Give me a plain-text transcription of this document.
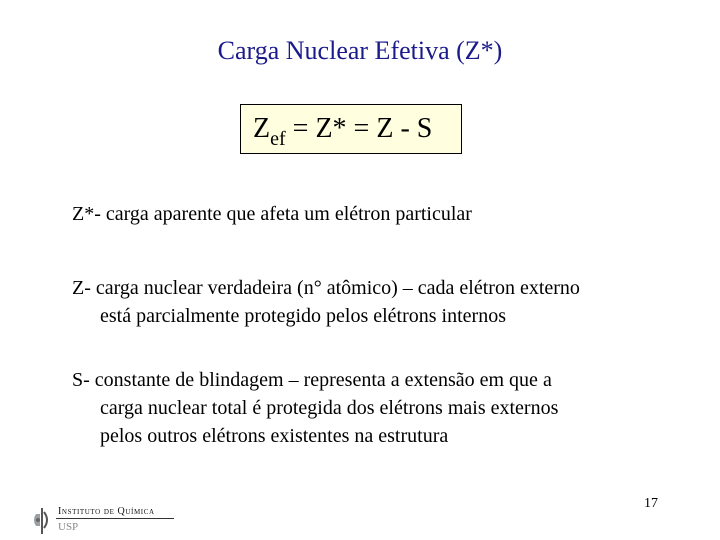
Carga Nuclear Efetiva (Z*)
$Z_{ef} = Z* = Z - S$
Z*- carga aparente que afeta um elétron particular
Z- carga nuclear verdadeira (n° atômico) – cada elétron externo
está parcialmente protegido pelos elétrons internos
S- constante de blindagem – representa a extensão em que a
carga nuclear total é protegida dos elétrons mais externos
pelos outros elétrons existentes na estrutura
Instituto de Química
USP
17
